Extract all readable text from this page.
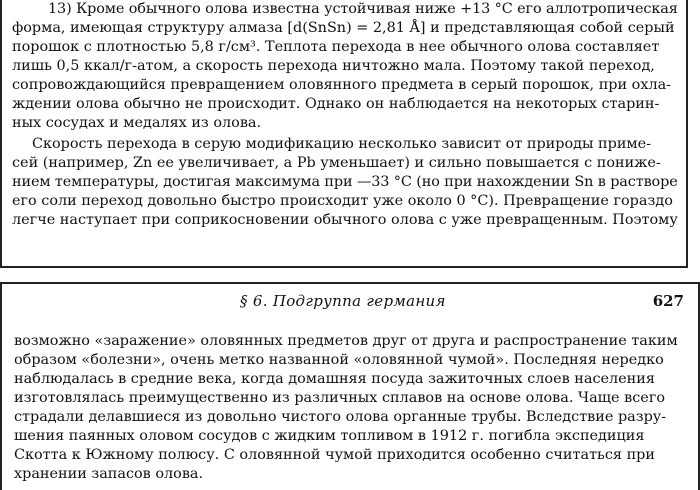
13) Кроме обычного олова известна устойчивая ниже +13 °С его аллотропическая
форма, имеющая структуру алмаза [d(SnSn) = 2,81 Å] и представляющая собой серый
порошок с плотностью 5,8 г/см³. Теплота перехода в нее обычного олова составляет
лишь 0,5 ккал/г-атом, а скорость перехода ничтожно мала. Поэтому такой переход,
сопровождающийся превращением оловянного предмета в серый порошок, при охла-
ждении олова обычно не происходит. Однако он наблюдается на некоторых старин-
ных сосудах и медалях из олова.
Скорость перехода в серую модификацию несколько зависит от природы приме-
сей (например, Zn ее увеличивает, а Pb уменьшает) и сильно повышается с пониже-
нием температуры, достигая максимума при —33 °С (но при нахождении Sn в растворе
его соли переход довольно быстро происходит уже около 0 °С). Превращение гораздо
легче наступает при соприкосновении обычного олова с уже превращенным. Поэтому
§ 6. Подгруппа германия	627
возможно «заражение» оловянных предметов друг от друга и распространение таким
образом «болезни», очень метко названной «оловянной чумой». Последняя нередко
наблюдалась в средние века, когда домашняя посуда зажиточных слоев населения
изготовлялась преимущественно из различных сплавов на основе олова. Чаще всего
страдали делавшиеся из довольно чистого олова органные трубы. Вследствие разру-
шения паянных оловом сосудов с жидким топливом в 1912 г. погибла экспедиция
Скотта к Южному полюсу. С оловянной чумой приходится особенно считаться при
хранении запасов олова.
